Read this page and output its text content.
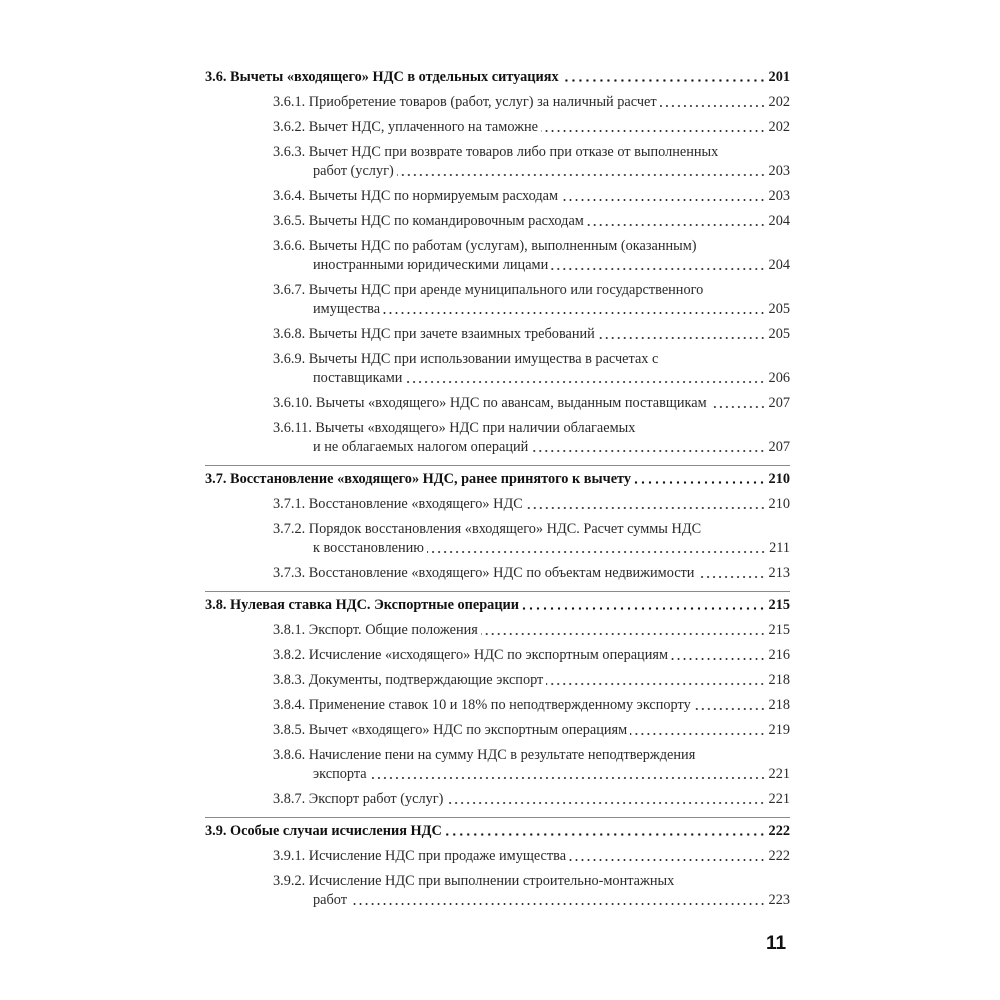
3.6. Вычеты «входящего» НДС в отдельных ситуациях	201
3.6.1. Приобретение товаров (работ, услуг) за наличный расчет	202
3.6.2. Вычет НДС, уплаченного на таможне	202
3.6.3. Вычет НДС при возврате товаров либо при отказе от выполненных
работ (услуг)	203
3.6.4. Вычеты НДС по нормируемым расходам	203
3.6.5. Вычеты НДС по командировочным расходам	204
3.6.6. Вычеты НДС по работам (услугам), выполненным (оказанным)
иностранными юридическими лицами	204
3.6.7. Вычеты НДС при аренде муниципального или государственного
имущества	205
3.6.8. Вычеты НДС при зачете взаимных требований	205
3.6.9. Вычеты НДС при использовании имущества в расчетах с
поставщиками	206
3.6.10. Вычеты «входящего» НДС по авансам, выданным поставщикам	207
3.6.11. Вычеты «входящего» НДС при наличии облагаемых
и не облагаемых налогом операций	207
3.7. Восстановление «входящего» НДС, ранее принятого к вычету	210
3.7.1. Восстановление «входящего» НДС	210
3.7.2. Порядок восстановления «входящего» НДС. Расчет суммы НДС
к восстановлению	211
3.7.3. Восстановление «входящего» НДС по объектам недвижимости	213
3.8. Нулевая ставка НДС. Экспортные операции	215
3.8.1. Экспорт. Общие положения	215
3.8.2. Исчисление «исходящего» НДС по экспортным операциям	216
3.8.3. Документы, подтверждающие экспорт	218
3.8.4. Применение ставок 10 и 18% по неподтвержденному экспорту	218
3.8.5. Вычет «входящего» НДС по экспортным операциям	219
3.8.6. Начисление пени на сумму НДС в результате неподтверждения
экспорта	221
3.8.7. Экспорт работ (услуг)	221
3.9. Особые случаи исчисления НДС	222
3.9.1. Исчисление НДС при продаже имущества	222
3.9.2. Исчисление НДС при выполнении строительно-монтажных
работ	223
11
